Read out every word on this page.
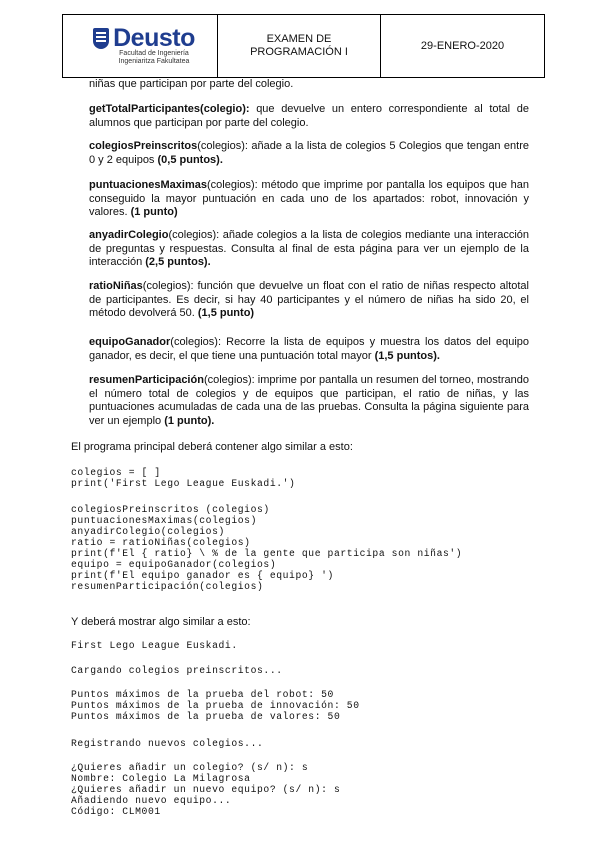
Deusto
Facultad de Ingeniería
Ingeniaritza Fakultatea
EXAMEN DE
PROGRAMACIÓN I	29-ENERO-2020
niñas que participan por parte del colegio.
getTotalParticipantes(colegio): que devuelve un entero correspondiente al total de alumnos que participan por parte del colegio.
colegiosPreinscritos(colegios): añade a la lista de colegios 5 Colegios que tengan entre 0 y 2 equipos (0,5 puntos).
puntuacionesMaximas(colegios): método que imprime por pantalla los equipos que han conseguido la mayor puntuación en cada uno de los apartados: robot, innovación y valores. (1 punto)
anyadirColegio(colegios): añade colegios a la lista de colegios mediante una interacción de preguntas y respuestas. Consulta al final de esta página para ver un ejemplo de la interacción (2,5 puntos).
ratioNiñas(colegios): función que devuelve un float con el ratio de niñas respecto altotal de participantes. Es decir, si hay 40 participantes y el número de niñas ha sido 20, el método devolverá 50. (1,5 punto)
equipoGanador(colegios): Recorre la lista de equipos y muestra los datos del equipo ganador, es decir, el que tiene una puntuación total mayor (1,5 puntos).
resumenParticipación(colegios): imprime por pantalla un resumen del torneo, mostrando el número total de colegios y de equipos que participan, el ratio de niñas, y las puntuaciones acumuladas de cada una de las pruebas. Consulta la página siguiente para ver un ejemplo (1 punto).
El programa principal deberá contener algo similar a esto:
colegios = [ ]
print('First Lego League Euskadi.')
colegiosPreinscritos (colegios)
puntuacionesMaximas(colegios)
anyadirColegio(colegios)
ratio = ratioNiñas(colegios)
print(f'El { ratio} \ % de la gente que participa son niñas')
equipo = equipoGanador(colegios)
print(f'El equipo ganador es { equipo} ')
resumenParticipación(colegios)
Y deberá mostrar algo similar a esto:
First Lego League Euskadi.
Cargando colegios preinscritos...
Puntos máximos de la prueba del robot: 50
Puntos máximos de la prueba de innovación: 50
Puntos máximos de la prueba de valores: 50
Registrando nuevos colegios...
¿Quieres añadir un colegio? (s/ n): s
Nombre: Colegio La Milagrosa
¿Quieres añadir un nuevo equipo? (s/ n): s
Añadiendo nuevo equipo...
Código: CLM001
